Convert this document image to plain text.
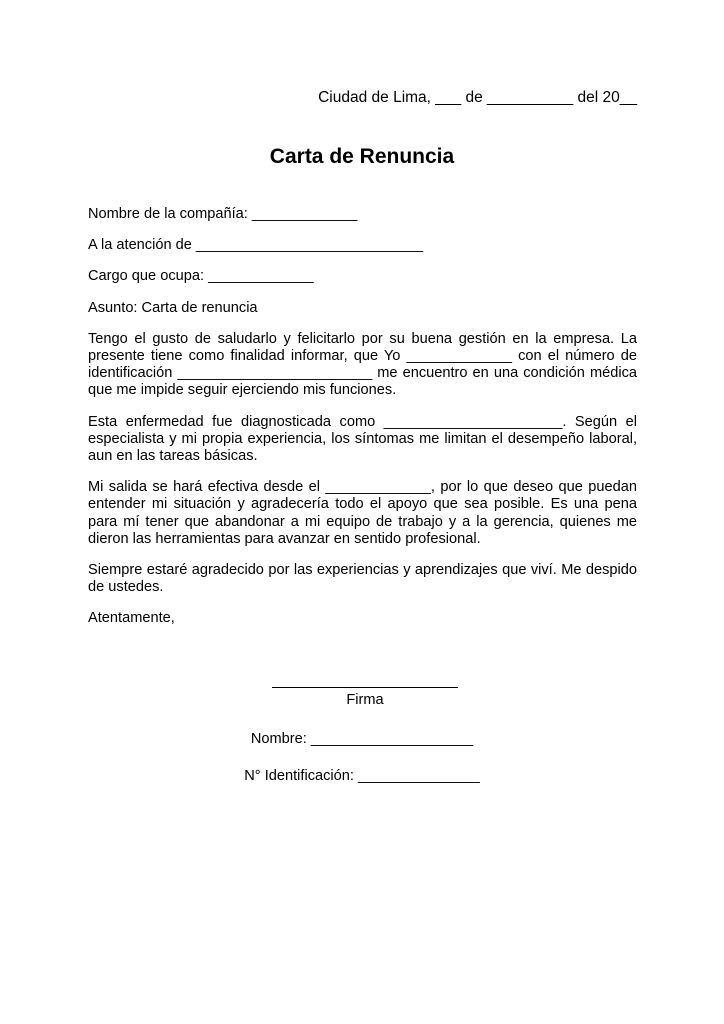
Ciudad de Lima, ___ de __________ del 20__
Carta de Renuncia
Nombre de la compañía: _____________
A la atención de ____________________________
Cargo que ocupa: _____________
Asunto: Carta de renuncia

Tengo el gusto de saludarlo y felicitarlo por su buena gestión en la empresa. La presente tiene como finalidad informar, que Yo _____________ con el número de identificación ________________________ me encuentro en una condición médica que me impide seguir ejerciendo mis funciones.

Esta enfermedad fue diagnosticada como ______________________. Según el especialista y mi propia experiencia, los síntomas me limitan el desempeño laboral, aun en las tareas básicas.

Mi salida se hará efectiva desde el _____________, por lo que deseo que puedan entender mi situación y agradecería todo el apoyo que sea posible. Es una pena para mí tener que abandonar a mi equipo de trabajo y a la gerencia, quienes me dieron las herramientas para avanzar en sentido profesional.

Siempre estaré agradecido por las experiencias y aprendizajes que viví. Me despido de ustedes.

Atentamente,
Firma
Nombre: ____________________
N° Identificación: _______________
